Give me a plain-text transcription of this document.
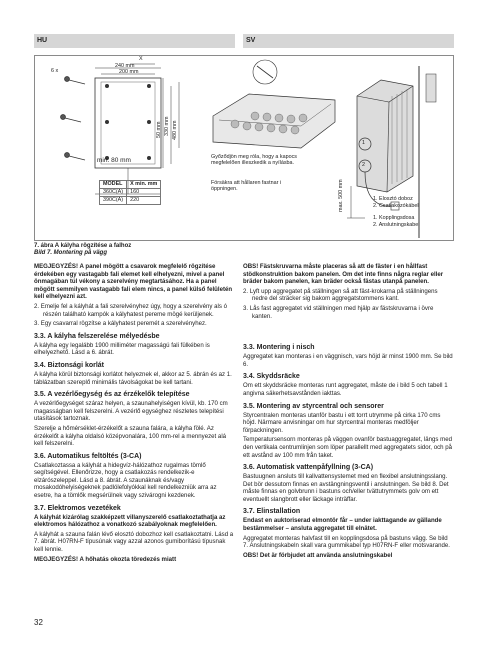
HU	SV
6 x
X
240 mm
200 mm
50 mm 330 mm 480 mm
min. 80 mm
MODEL	X min. mm
360C(A)	160
390C(A)	220
Győződjön meg róla, hogy a kapocs megfelelően illeszkedik a nyílásba.
Försäkra att hållaren fastnar i öppningen.	max. 500 mm
1
2
1. Elosztó doboz
2. Csatlakozókábel
1. Kopplingsdosa
2. Anslutningskabel
7. ábra A kályha rögzítése a falhoz
Bild 7. Montering på vägg

MEGJEGYZÉS! A panel mögött a csavarok megfelelő rögzítése érdekében egy vastagabb fali elemet kell elhelyezni, mivel a panel önmagában túl vékony a szerelvény megtartásához. Ha a panel mögött semmilyen vastagabb fali elem nincs, a panel külső felületén kell elhelyezni azt.

2. Emelje fel a kályhát a fali szerelvényhez úgy, hogy a szerelvény als ó részén található kampók a kályhatest pereme mögé kerüljenek.

3. Egy csavarral rögzítse a kályhatest peremét a szerelvényhez.

3.3. A kályha felszerelése mélyedésbe

A kályha egy legalább 1900 milliméter magasságú fali fülkében is elhelyezhető. Lásd a 6. ábrát.

3.4. Biztonsági korlát

A kályha körül biztonsági korlátot helyeznek el, akkor az 5. ábrán és az 1. táblázatban szereplő minimális távolságokat be kell tartani.

3.5. A vezérlőegység és az érzékelők telepítése

A vezérlőegységet száraz helyen, a szaunahelyiségen kívül, kb. 170 cm magasságban kell felszerelni. A vezérlő egységhez részletes telepítési utasítások tartoznak.

Szerelje a hőmérséklet-érzékelőt a szauna falára, a kályha fölé. Az érzékelőt a kályha oldalsó középvonalára, 100 mm-rel a mennyezet alá kell felszerelni.

3.6. Automatikus feltöltés (3-CA)

Csatlakoztassa a kályhát a hidegvíz-hálózathoz rugalmas tömlő segítségével. Ellenőrizze, hogy a csatlakozás rendelkezik-e elzárószeleppel. Lásd a 8. ábrát. A szaunáknak és/vagy mosakodóhelyiségeknek padlólefolyókkal kell rendelkezniük arra az esetre, ha a tömlők megsérülnek vagy szivárogni kezdenek.

3.7. Elektromos vezetékek

A kályhát kizárólag szakképzett villanyszerelő csatlakoztathatja az elektromos hálózathoz a vonatkozó szabályoknak megfelelően.

A kályhát a szauna falán lévő elosztó dobozhoz kell csatlakoztatni. Lásd a 7. ábrát. H07RN-F típusúnak vagy azzal azonos gumiborítású típusnak kell lennie.

MEGJEGYZÉS! A hőhatás okozta töredezés miatt

OBS! Fästskruvarna måste placeras så att de fäster i en hållfast stödkonstruktion bakom panelen. Om det inte finns några reglar eller bräder bakom panelen, kan bräder också fästas utanpå panelen.

2. Lyft upp aggregatet på ställningen så att fäst-krokarna på ställningens nedre del sträcker sig bakom aggregatstommens kant.

3. Lås fast aggregatet vid ställningen med hjälp av fästskruvarna i övre kanten.

3.3. Montering i nisch

Aggregatet kan monteras i en väggnisch, vars höjd är minst 1900 mm. Se bild 6.

3.4. Skyddsräcke

Om ett skyddsräcke monteras runt aggregatet, måste de i bild 5 och tabell 1 angivna säkerhetsavstånden iakttas.

3.5. Montering av styrcentral och sensorer

Styrcentralen monteras utanför bastu i ett torrt utrymme på cirka 170 cms höjd. Närmare anvisningar om hur styrcentral monteras medföljer förpackningen.

Temperatursensorn monteras på väggen ovanför bastuaggregatet, längs med den vertikala centrumlinjen som löper parallellt med aggregatets sidor, och på ett avstånd av 100 mm från taket.

3.6. Automatisk vattenpåfyllning (3-CA)

Bastuugnen ansluts till kallvattensystemet med en flexibel anslutningsslang. Det bör dessutom finnas en avstängningsventil i anslutningen. Se bild 8. Det måste finnas en golvbrunn i bastuns och/eller tvättutrymmets golv om ett eventuellt slangbrott eller läckage inträffar.

3.7. Elinstallation

Endast en auktoriserad elmontör får – under iakttagande av gällande bestämmelser – ansluta aggregatet till elnätet.

Aggregatet monteras halvfast till en kopplingsdosa på bastuns vägg. Se bild 7. Anslutningskabeln skall vara gummikabel typ H07RN-F eller motsvarande.

OBS! Det är förbjudet att använda anslutningskabel

32
